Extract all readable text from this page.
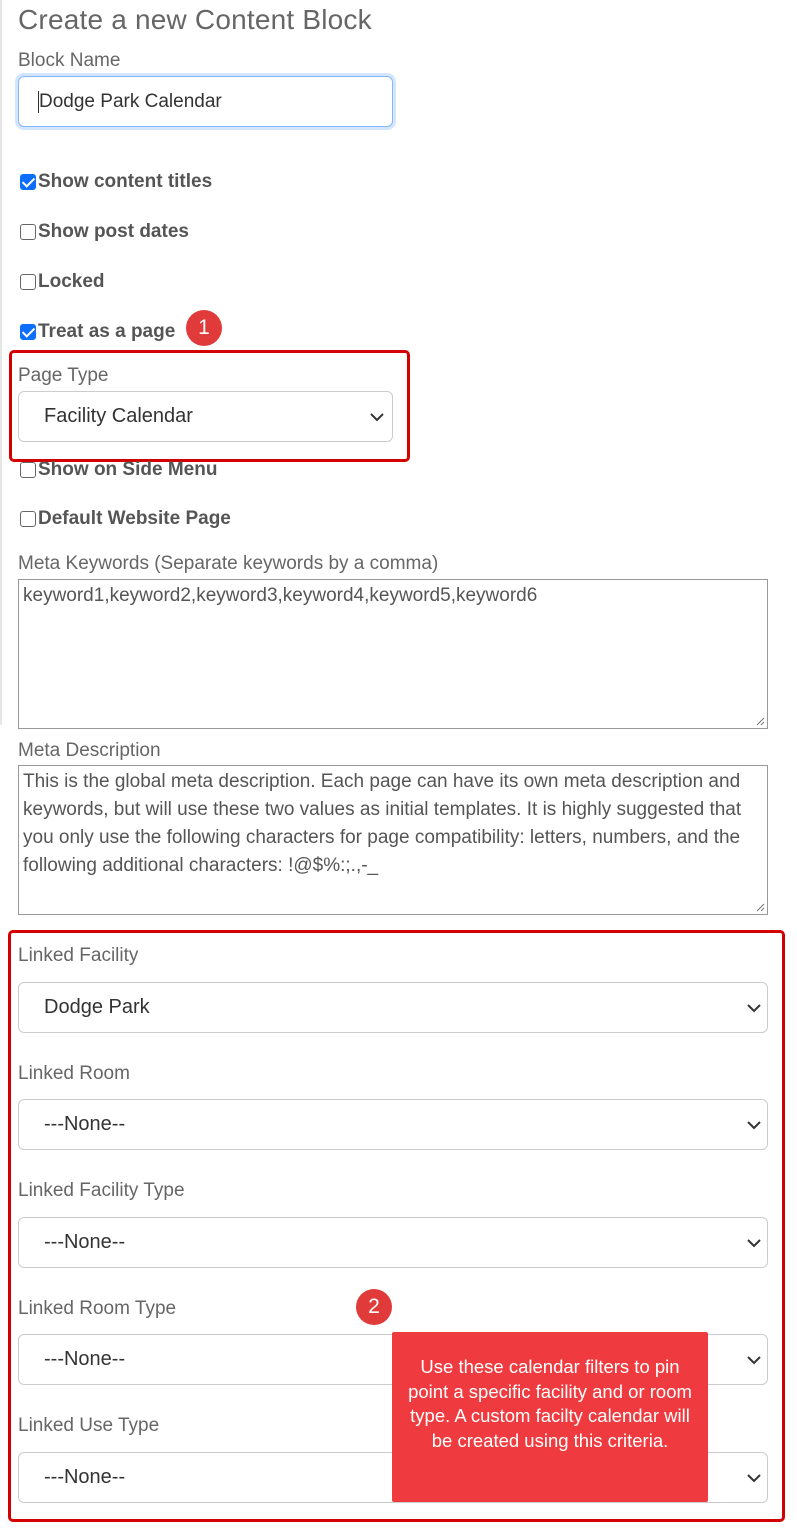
Create a new Content Block
Block Name
Dodge Park Calendar
Show content titles
Show post dates
Locked
Treat as a page	1
Page Type
Facility Calendar
Show on Side Menu
Default Website Page
Meta Keywords (Separate keywords by a comma)
keyword1,keyword2,keyword3,keyword4,keyword5,keyword6
Meta Description
This is the global meta description. Each page can have its own meta description and keywords, but will use these two values as initial templates. It is highly suggested that you only use the following characters for page compatibility: letters, numbers, and the following additional characters: !@$%:;.,-_
Linked Facility
Dodge Park
Linked Room
---None--
Linked Facility Type
---None--
Linked Room Type
---None--
Linked Use Type
---None--
2
Use these calendar filters to pin point a specific facility and or room type. A custom facilty calendar will be created using this criteria.
